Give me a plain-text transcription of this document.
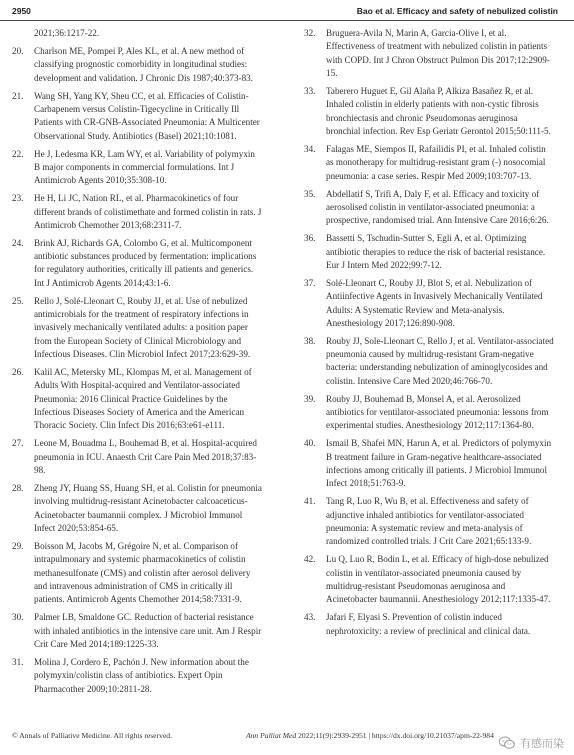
2950	Bao et al. Efficacy and safety of nebulized colistin
2021;36:1217-22.
20.	Charlson ME, Pompei P, Ales KL, et al. A new method of classifying prognostic comorbidity in longitudinal studies: development and validation. J Chronic Dis 1987;40:373-83.
21.	Wang SH, Yang KY, Sheu CC, et al. Efficacies of Colistin-Carbapenem versus Colistin-Tigecycline in Critically Ill Patients with CR-GNB-Associated Pneumonia: A Multicenter Observational Study. Antibiotics (Basel) 2021;10:1081.
22.	He J, Ledesma KR, Lam WY, et al. Variability of polymyxin B major components in commercial formulations. Int J Antimicrob Agents 2010;35:308-10.
23.	He H, Li JC, Nation RL, et al. Pharmacokinetics of four different brands of colistimethate and formed colistin in rats. J Antimicrob Chemother 2013;68:2311-7.
24.	Brink AJ, Richards GA, Colombo G, et al. Multicomponent antibiotic substances produced by fermentation: implications for regulatory authorities, critically ill patients and generics. Int J Antimicrob Agents 2014;43:1-6.
25.	Rello J, Solé-Lleonart C, Rouby JJ, et al. Use of nebulized antimicrobials for the treatment of respiratory infections in invasively mechanically ventilated adults: a position paper from the European Society of Clinical Microbiology and Infectious Diseases. Clin Microbiol Infect 2017;23:629-39.
26.	Kalil AC, Metersky ML, Klompas M, et al. Management of Adults With Hospital-acquired and Ventilator-associated Pneumonia: 2016 Clinical Practice Guidelines by the Infectious Diseases Society of America and the American Thoracic Society. Clin Infect Dis 2016;63:e61-e111.
27.	Leone M, Bouadma L, Bouhemad B, et al. Hospital-acquired pneumonia in ICU. Anaesth Crit Care Pain Med 2018;37:83-98.
28.	Zheng JY, Huang SS, Huang SH, et al. Colistin for pneumonia involving multidrug-resistant Acinetobacter calcoaceticus-Acinetobacter baumannii complex. J Microbiol Immunol Infect 2020;53:854-65.
29.	Boisson M, Jacobs M, Grégoire N, et al. Comparison of intrapulmonary and systemic pharmacokinetics of colistin methanesulfonate (CMS) and colistin after aerosol delivery and intravenous administration of CMS in critically ill patients. Antimicrob Agents Chemother 2014;58:7331-9.
30.	Palmer LB, Smaldone GC. Reduction of bacterial resistance with inhaled antibiotics in the intensive care unit. Am J Respir Crit Care Med 2014;189:1225-33.
31.	Molina J, Cordero E, Pachón J. New information about the polymyxin/colistin class of antibiotics. Expert Opin Pharmacother 2009;10:2811-28.
32.	Bruguera-Avila N, Marin A, Garcia-Olive I, et al. Effectiveness of treatment with nebulized colistin in patients with COPD. Int J Chron Obstruct Pulmon Dis 2017;12:2909-15.
33.	Taberero Huguet E, Gil Alaña P, Alkiza Basañez R, et al. Inhaled colistin in elderly patients with non-cystic fibrosis bronchiectasis and chronic Pseudomonas aeruginosa bronchial infection. Rev Esp Geriatr Gerontol 2015;50:111-5.
34.	Falagas ME, Siempos II, Rafailidis PI, et al. Inhaled colistin as monotherapy for multidrug-resistant gram (-) nosocomial pneumonia: a case series. Respir Med 2009;103:707-13.
35.	Abdellatif S, Trifi A, Daly F, et al. Efficacy and toxicity of aerosolised colistin in ventilator-associated pneumonia: a prospective, randomised trial. Ann Intensive Care 2016;6:26.
36.	Bassetti S, Tschudin-Sutter S, Egli A, et al. Optimizing antibiotic therapies to reduce the risk of bacterial resistance. Eur J Intern Med 2022;99:7-12.
37.	Solé-Lleonart C, Rouby JJ, Blot S, et al. Nebulization of Antiinfective Agents in Invasively Mechanically Ventilated Adults: A Systematic Review and Meta-analysis. Anesthesiology 2017;126:890-908.
38.	Rouby JJ, Sole-Lleonart C, Rello J, et al. Ventilator-associated pneumonia caused by multidrug-resistant Gram-negative bacteria: understanding nebulization of aminoglycosides and colistin. Intensive Care Med 2020;46:766-70.
39.	Rouby JJ, Bouhemad B, Monsel A, et al. Aerosolized antibiotics for ventilator-associated pneumonia: lessons from experimental studies. Anesthesiology 2012;117:1364-80.
40.	Ismail B, Shafei MN, Harun A, et al. Predictors of polymyxin B treatment failure in Gram-negative healthcare-associated infections among critically ill patients. J Microbiol Immunol Infect 2018;51:763-9.
41.	Tang R, Luo R, Wu B, et al. Effectiveness and safety of adjunctive inhaled antibiotics for ventilator-associated pneumonia: A systematic review and meta-analysis of randomized controlled trials. J Crit Care 2021;65:133-9.
42.	Lu Q, Luo R, Bodin L, et al. Efficacy of high-dose nebulized colistin in ventilator-associated pneumonia caused by multidrug-resistant Pseudomonas aeruginosa and Acinetobacter baumannii. Anesthesiology 2012;117:1335-47.
43.	Jafari F, Elyasi S. Prevention of colistin induced nephrotoxicity: a review of preclinical and clinical data.
© Annals of Palliative Medicine. All rights reserved.	Ann Palliat Med 2022;11(9):2939-2951 | https://dx.doi.org/10.21037/apm-22-984
有感而染
